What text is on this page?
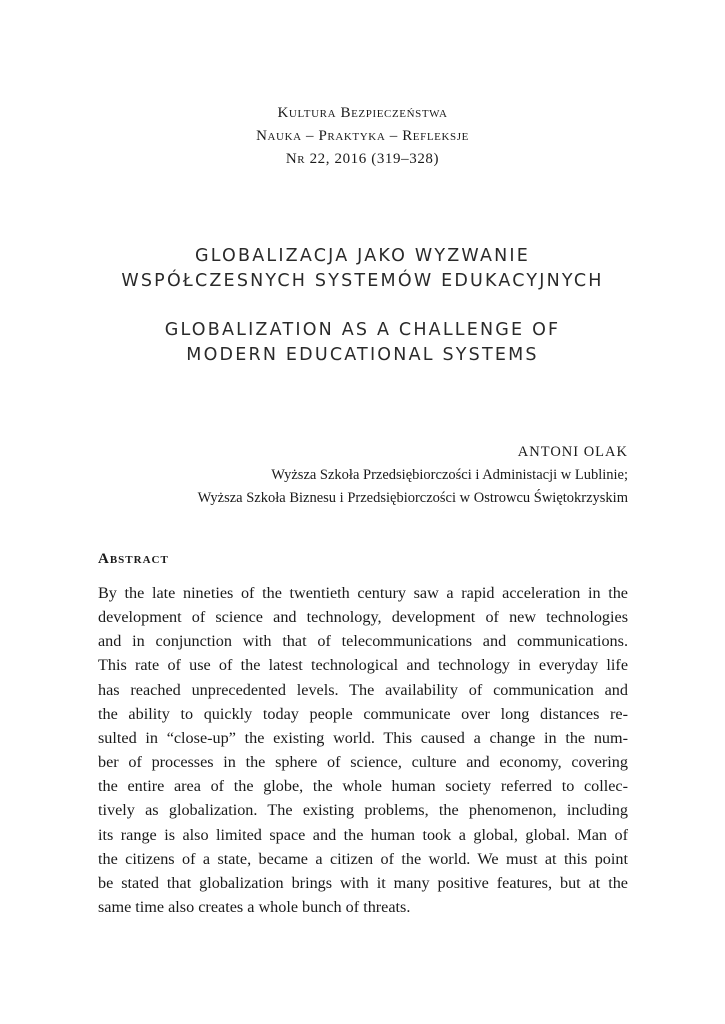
Kultura Bezpieczeństwa
Nauka – Praktyka – Refleksje
Nr 22, 2016 (319–328)
GLOBALIZACJA JAKO WYZWANIE
WSPÓŁCZESNYCH SYSTEMÓW EDUKACYJNYCH
GLOBALIZATION AS A CHALLENGE OF
MODERN EDUCATIONAL SYSTEMS
ANTONI OLAK
Wyższa Szkoła Przedsiębiorczości i Administacji w Lublinie;
Wyższa Szkoła Biznesu i Przedsiębiorczości w Ostrowcu Świętokrzyskim
Abstract
By the late nineties of the twentieth century saw a rapid acceleration in the
development of science and technology, development of new technologies
and in conjunction with that of telecommunications and communications.
This rate of use of the latest technological and technology in everyday life
has reached unprecedented levels. The availability of communication and
the ability to quickly today people communicate over long distances re-
sulted in “close-up” the existing world. This caused a change in the num-
ber of processes in the sphere of science, culture and economy, covering
the entire area of the globe, the whole human society referred to collec-
tively as globalization. The existing problems, the phenomenon, including
its range is also limited space and the human took a global, global. Man of
the citizens of a state, became a citizen of the world. We must at this point
be stated that globalization brings with it many positive features, but at the
same time also creates a whole bunch of threats.
